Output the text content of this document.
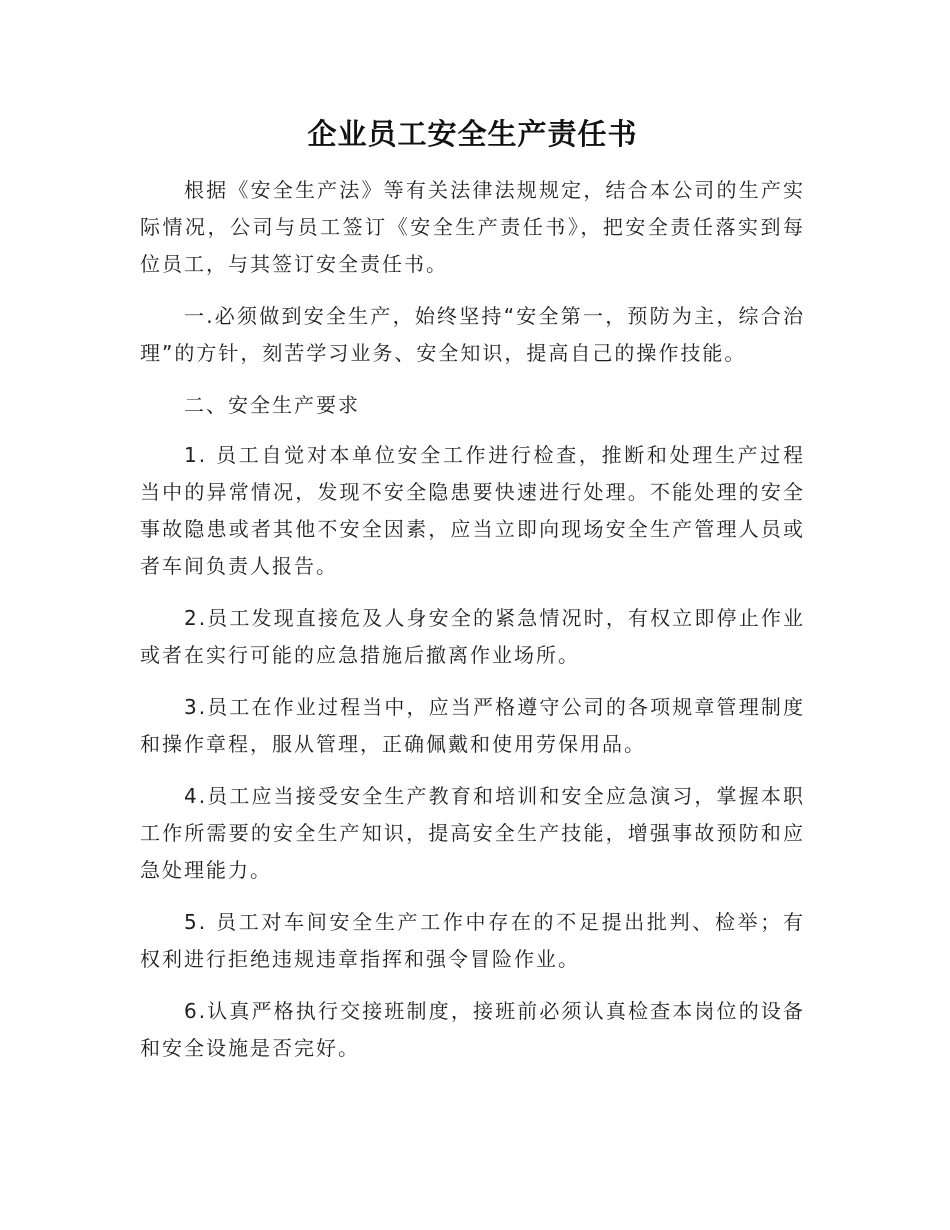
企业员工安全生产责任书

根据《安全生产法》等有关法律法规规定，结合本公司的生产实际情况，公司与员工签订《安全生产责任书》，把安全责任落实到每位员工，与其签订安全责任书。

一.必须做到安全生产，始终坚持“安全第一，预防为主，综合治理”的方针，刻苦学习业务、安全知识，提高自己的操作技能。

二、安全生产要求

1. 员工自觉对本单位安全工作进行检查，推断和处理生产过程当中的异常情况，发现不安全隐患要快速进行处理。不能处理的安全事故隐患或者其他不安全因素，应当立即向现场安全生产管理人员或者车间负责人报告。

2.员工发现直接危及人身安全的紧急情况时，有权立即停止作业或者在实行可能的应急措施后撤离作业场所。

3.员工在作业过程当中，应当严格遵守公司的各项规章管理制度和操作章程，服从管理，正确佩戴和使用劳保用品。

4.员工应当接受安全生产教育和培训和安全应急演习，掌握本职工作所需要的安全生产知识，提高安全生产技能，增强事故预防和应急处理能力。

5. 员工对车间安全生产工作中存在的不足提出批判、检举；有权利进行拒绝违规违章指挥和强令冒险作业。

6.认真严格执行交接班制度，接班前必须认真检查本岗位的设备和安全设施是否完好。
